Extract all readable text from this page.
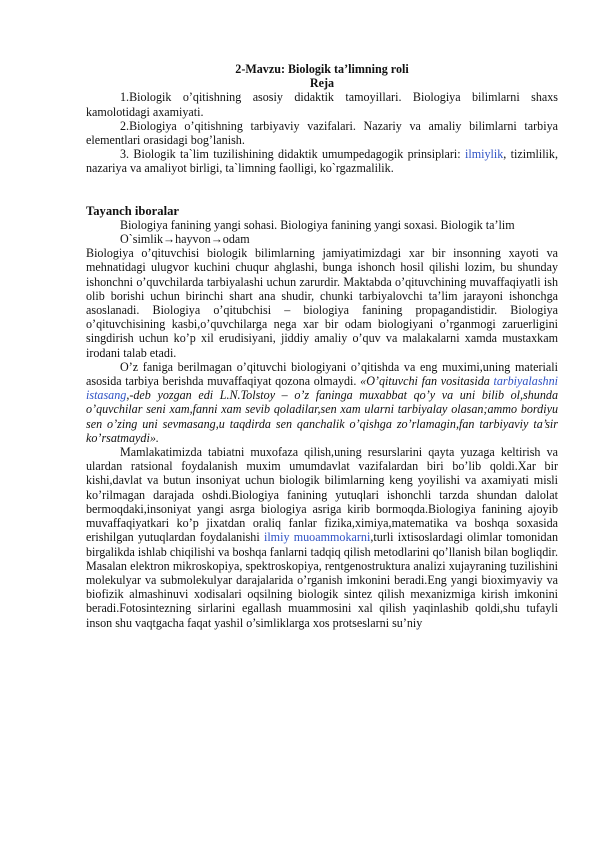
2-Mavzu: Biologik ta’limning roli

Reja

1.Biologik o’qitishning asosiy didaktik tamoyillari. Biologiya bilimlarni shaxs kamolotidagi axamiyati.

2.Biologiya o’qitishning tarbiyaviy vazifalari. Nazariy va amaliy bilimlarni tarbiya elementlari orasidagi bog’lanish.

3. Biologik ta`lim tuzilishining didaktik umumpedagogik prinsiplari: ilmiylik, tizimlilik, nazariya va amaliyot birligi, ta`limning faolligi, ko`rgazmalilik.

Tayanch iboralar

Biologiya fanining yangi sohasi. Biologiya fanining yangi soxasi. Biologik ta’lim

O`simlik→hayvon→odam

Biologiya o’qituvchisi biologik bilimlarning jamiyatimizdagi xar bir insonning xayoti va mehnatidagi ulugvor kuchini chuqur ahglashi, bunga ishonch hosil qilishi lozim, bu shunday ishonchni o’quvchilarda tarbiyalashi uchun zarurdir. Maktabda o’qituvchining muvaffaqiyatli ish olib borishi uchun birinchi shart ana shudir, chunki tarbiyalovchi ta’lim jarayoni ishonchga asoslanadi. Biologiya o’qitubchisi – biologiya fanining propagandistidir. Biologiya o’qituvchisining kasbi,o’quvchilarga nega xar bir odam biologiyani o’rganmogi zaruerligini singdirish uchun ko’p xil erudisiyani, jiddiy amaliy o’quv va malakalarni xamda mustaxkam irodani talab etadi.

O’z faniga berilmagan o’qituvchi biologiyani o’qitishda va eng muximi,uning materiali asosida tarbiya berishda muvaffaqiyat qozona olmaydi. «O’qituvchi fan vositasida tarbiyalashni istasang,-deb yozgan edi L.N.Tolstoy – o’z faninga muxabbat qo’y va uni bilib ol,shunda o’quvchilar seni xam,fanni xam sevib qoladilar,sen xam ularni tarbiyalay olasan;ammo bordiyu sen o’zing uni sevmasang,u taqdirda sen qanchalik o’qishga zo’rlamagin,fan tarbiyaviy ta’sir ko’rsatmaydi».

Mamlakatimizda tabiatni muxofaza qilish,uning resurslarini qayta yuzaga keltirish va ulardan ratsional foydalanish muxim umumdavlat vazifalardan biri bo’lib qoldi.Xar bir kishi,davlat va butun insoniyat uchun biologik bilimlarning keng yoyilishi va axamiyati misli ko’rilmagan darajada oshdi.Biologiya fanining yutuqlari ishonchli tarzda shundan dalolat bermoqdaki,insoniyat yangi asrga biologiya asriga kirib bormoqda.Biologiya fanining ajoyib muvaffaqiyatkari ko’p jixatdan oraliq fanlar fizika,ximiya,matematika va boshqa soxasida erishilgan yutuqlardan foydalanishi ilmiy muoammokarni,turli ixtisoslardagi olimlar tomonidan birgalikda ishlab chiqilishi va boshqa fanlarni tadqiq qilish metodlarini qo’llanish bilan bogliqdir. Masalan elektron mikroskopiya, spektroskopiya, rentgenostruktura analizi xujayraning tuzilishini molekulyar va submolekulyar darajalarida o’rganish imkonini beradi.Eng yangi bioximyaviy va biofizik almashinuvi xodisalari oqsilning biologik sintez qilish mexanizmiga kirish imkonini beradi.Fotosintezning sirlarini egallash muammosini xal qilish yaqinlashib qoldi,shu tufayli inson shu vaqtgacha faqat yashil o’simliklarga xos protseslarni su’niy
